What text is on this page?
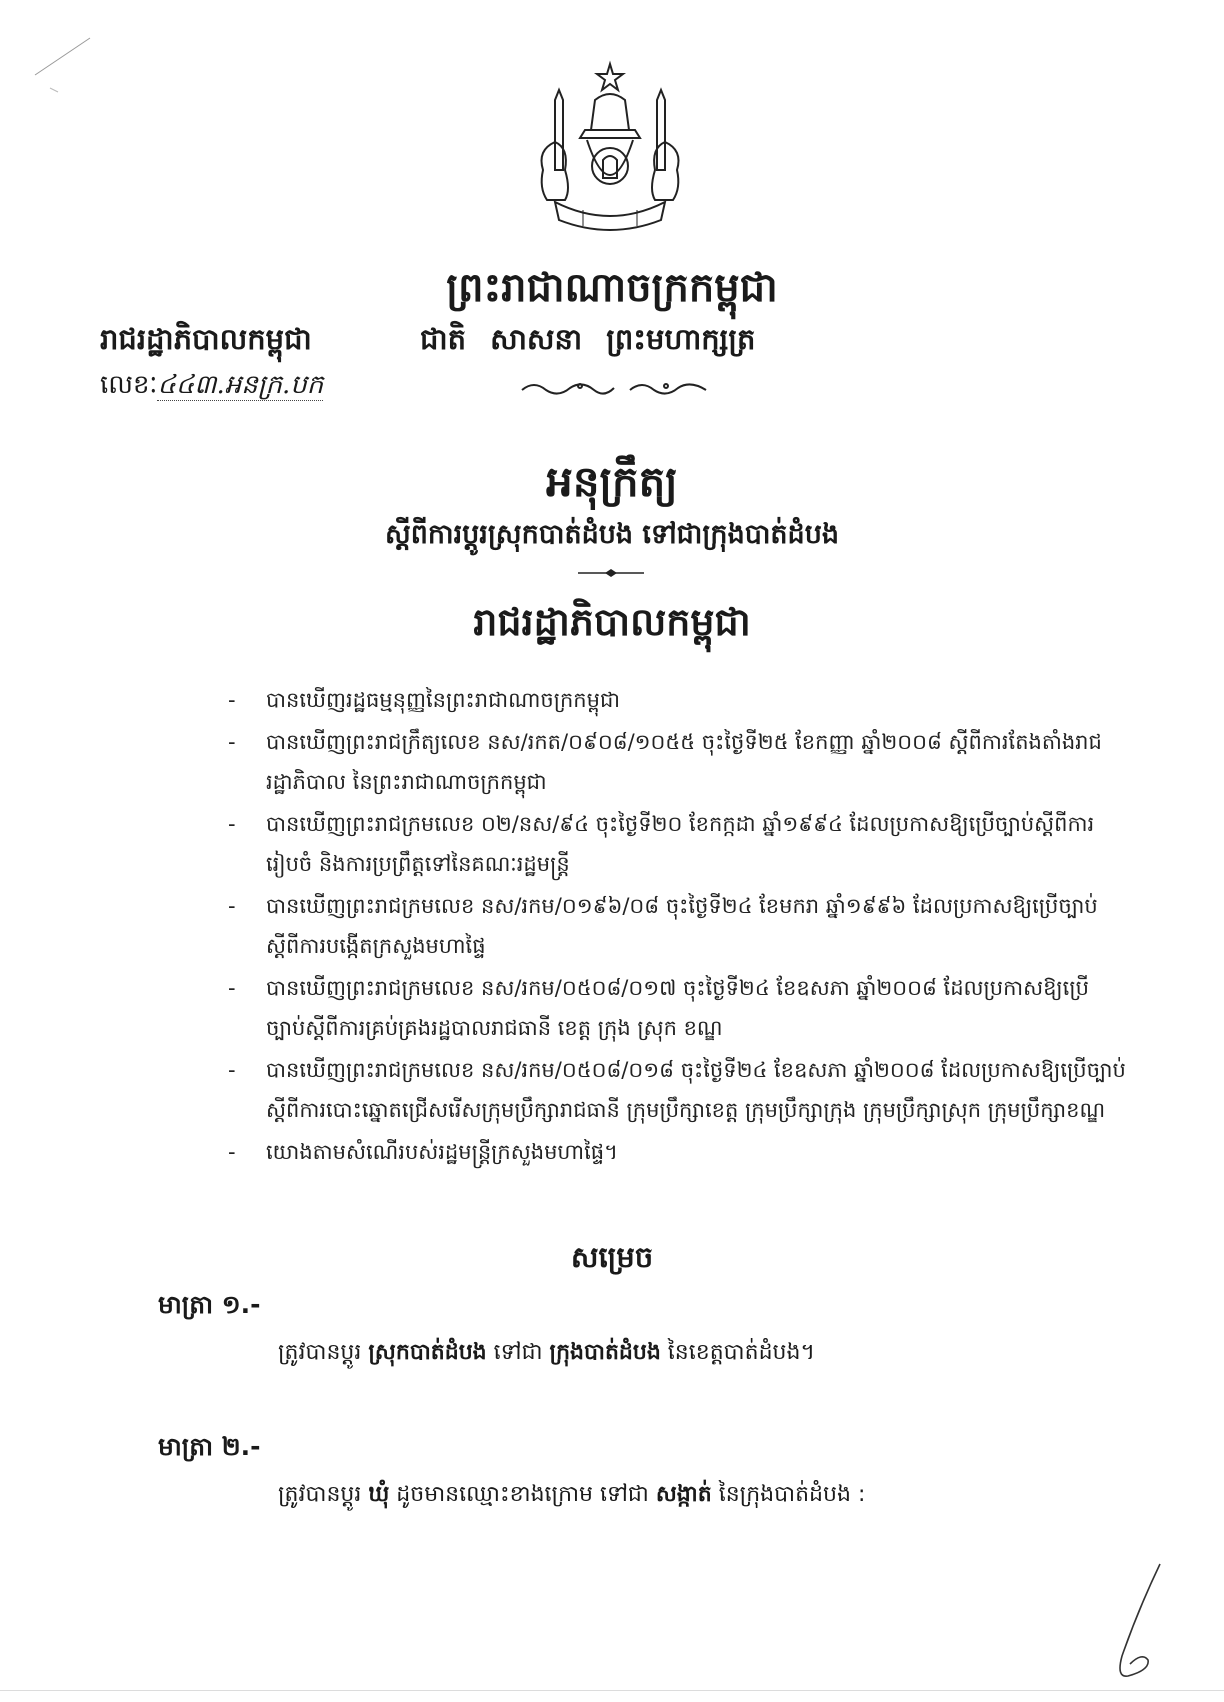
ព្រះរាជាណាចក្រកម្ពុជា
រាជរដ្ឋាភិបាលកម្ពុជា	ជាតិ សាសនា ព្រះមហាក្សត្រ
លេខៈ៤៤៣.អនក្រ.បក
អនុក្រឹត្យ
ស្តីពីការប្តូរស្រុកបាត់ដំបង ទៅជាក្រុងបាត់ដំបង
រាជរដ្ឋាភិបាលកម្ពុជា
- បានឃើញរដ្ឋធម្មនុញ្ញនៃព្រះរាជាណាចក្រកម្ពុជា
- បានឃើញព្រះរាជក្រឹត្យលេខ នស/រកត/០៩០៨/១០៥៥ ចុះថ្ងៃទី២៥ ខែកញ្ញា ឆ្នាំ២០០៨ ស្តីពីការតែងតាំងរាជរដ្ឋាភិបាល នៃព្រះរាជាណាចក្រកម្ពុជា
- បានឃើញព្រះរាជក្រមលេខ ០២/នស/៩៤ ចុះថ្ងៃទី២០ ខែកក្កដា ឆ្នាំ១៩៩៤ ដែលប្រកាសឱ្យប្រើច្បាប់ស្តីពីការរៀបចំ និងការប្រព្រឹត្តទៅនៃគណៈរដ្ឋមន្ត្រី
- បានឃើញព្រះរាជក្រមលេខ នស/រកម/០១៩៦/០៨ ចុះថ្ងៃទី២៤ ខែមករា ឆ្នាំ១៩៩៦ ដែលប្រកាសឱ្យប្រើច្បាប់ស្តីពីការបង្កើតក្រសួងមហាផ្ទៃ
- បានឃើញព្រះរាជក្រមលេខ នស/រកម/០៥០៨/០១៧ ចុះថ្ងៃទី២៤ ខែឧសភា ឆ្នាំ២០០៨ ដែលប្រកាសឱ្យប្រើច្បាប់ស្តីពីការគ្រប់គ្រងរដ្ឋបាលរាជធានី ខេត្ត ក្រុង ស្រុក ខណ្ឌ
- បានឃើញព្រះរាជក្រមលេខ នស/រកម/០៥០៨/០១៨ ចុះថ្ងៃទី២៤ ខែឧសភា ឆ្នាំ២០០៨ ដែលប្រកាសឱ្យប្រើច្បាប់ស្តីពីការបោះឆ្នោតជ្រើសរើសក្រុមប្រឹក្សារាជធានី ក្រុមប្រឹក្សាខេត្ត ក្រុមប្រឹក្សាក្រុង ក្រុមប្រឹក្សាស្រុក ក្រុមប្រឹក្សាខណ្ឌ
- យោងតាមសំណើរបស់រដ្ឋមន្ត្រីក្រសួងមហាផ្ទៃ។
សម្រេច
មាត្រា ១.-
ត្រូវបានប្តូរ ស្រុកបាត់ដំបង ទៅជា ក្រុងបាត់ដំបង នៃខេត្តបាត់ដំបង។
មាត្រា ២.-
ត្រូវបានប្តូរ ឃុំ ដូចមានឈ្មោះខាងក្រោម ទៅជា សង្កាត់ នៃក្រុងបាត់ដំបង :
